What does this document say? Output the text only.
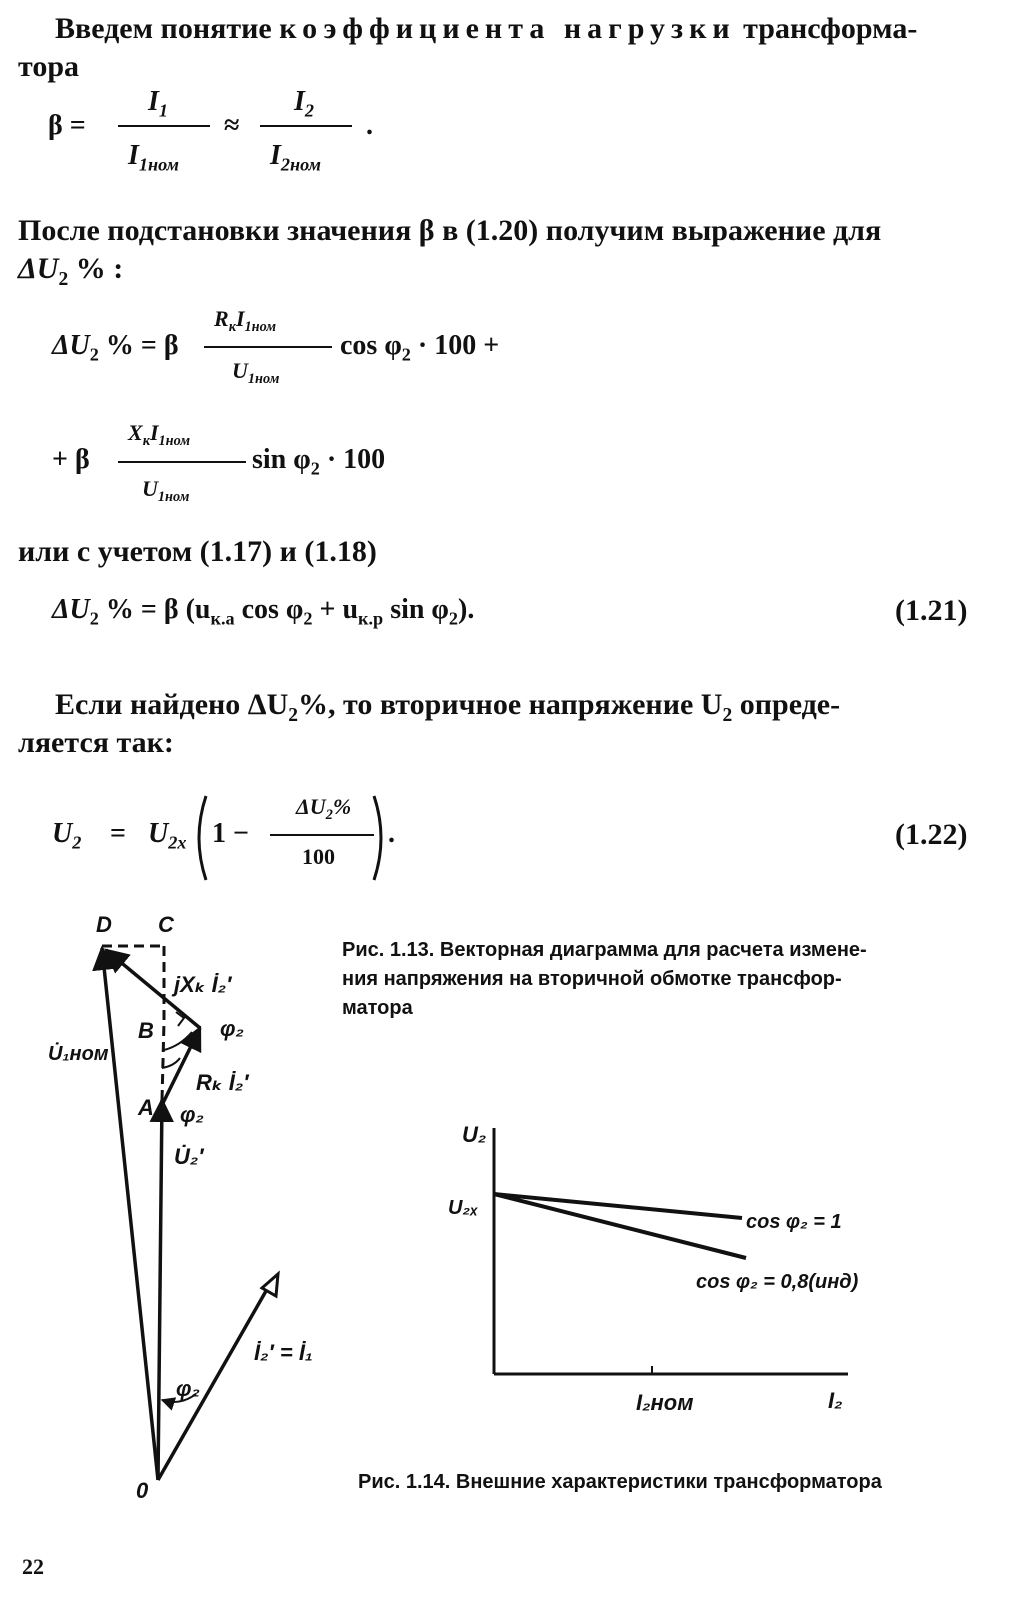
Введем понятие коэффициента нагрузки трансформа-
тора
β =
$I_1$
$I_{1ном}$
≈
$I_2$
$I_{2ном}$
.
После подстановки значения β в (1.20) получим выражение для
$\Delta U_2$ % :
$\Delta U_2$ % = β
$R_кI_{1ном}$
$U_{1ном}$
$\cos \varphi_2 \cdot 100$ +
+ β
$X_кI_{1ном}$
$U_{1ном}$
$\sin \varphi_2 \cdot 100$
или с учетом (1.17) и (1.18)
$\Delta U_2$ % = β ($u_{к.а}$ $\cos \varphi_2 + u_{к.р}$ $\sin \varphi_2$).	(1.21)
Если найдено $\Delta U_2\%$, то вторичное напряжение $U_2$ опреде-
ляется так:
$U_2 = U_{2x}$ 1 −
$\Delta U_2\%$
100
.	(1.22)
D C
B
A
0
U̇₁ном
jXₖ İ₂′
Rₖ İ₂′
φ₂
φ₂
U̇₂′
İ₂′ = İ₁
φ₂
Рис. 1.13. Векторная диаграмма для расчета измене-
ния напряжения на вторичной обмотке трансфор-
матора
U₂
U₂ₓ
I₂
I₂ном
cos φ₂ = 1
cos φ₂ = 0,8(инд)
Рис. 1.14. Внешние характеристики трансформатора
22
